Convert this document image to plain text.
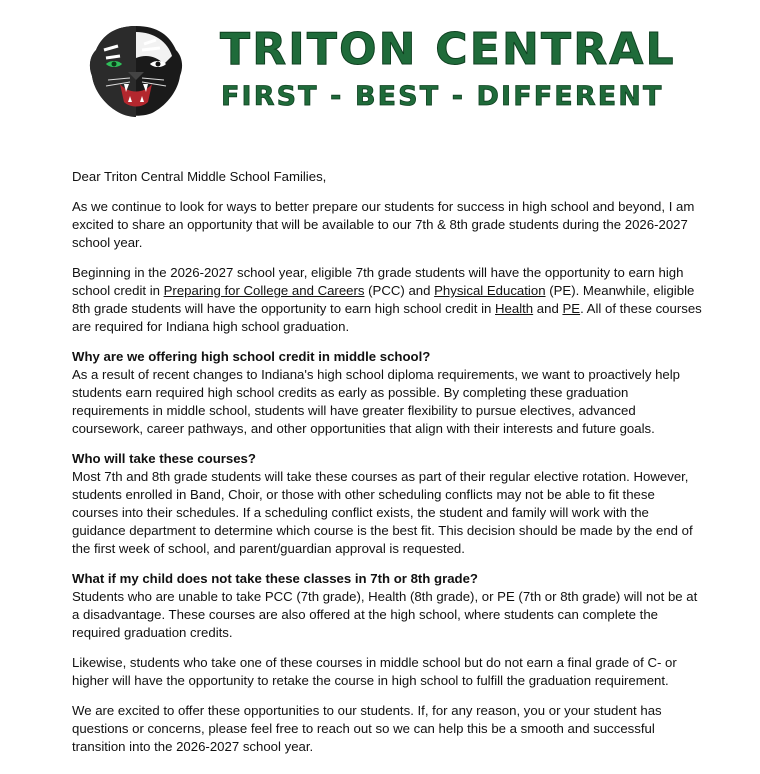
TRITON CENTRAL
FIRST - BEST - DIFFERENT

Dear Triton Central Middle School Families,

As we continue to look for ways to better prepare our students for success in high school and beyond, I am excited to share an opportunity that will be available to our 7th & 8th grade students during the 2026-2027 school year.

Beginning in the 2026-2027 school year, eligible 7th grade students will have the opportunity to earn high school credit in Preparing for College and Careers (PCC) and Physical Education (PE). Meanwhile, eligible 8th grade students will have the opportunity to earn high school credit in Health and PE. All of these courses are required for Indiana high school graduation.

Why are we offering high school credit in middle school?

As a result of recent changes to Indiana's high school diploma requirements, we want to proactively help students earn required high school credits as early as possible. By completing these graduation requirements in middle school, students will have greater flexibility to pursue electives, advanced coursework, career pathways, and other opportunities that align with their interests and future goals.

Who will take these courses?

Most 7th and 8th grade students will take these courses as part of their regular elective rotation. However, students enrolled in Band, Choir, or those with other scheduling conflicts may not be able to fit these courses into their schedules. If a scheduling conflict exists, the student and family will work with the guidance department to determine which course is the best fit. This decision should be made by the end of the first week of school, and parent/guardian approval is requested.

What if my child does not take these classes in 7th or 8th grade?

Students who are unable to take PCC (7th grade), Health (8th grade), or PE (7th or 8th grade) will not be at a disadvantage. These courses are also offered at the high school, where students can complete the required graduation credits.

Likewise, students who take one of these courses in middle school but do not earn a final grade of C- or higher will have the opportunity to retake the course in high school to fulfill the graduation requirement.

We are excited to offer these opportunities to our students. If, for any reason, you or your student has questions or concerns, please feel free to reach out so we can help this be a smooth and successful transition into the 2026-2027 school year.
